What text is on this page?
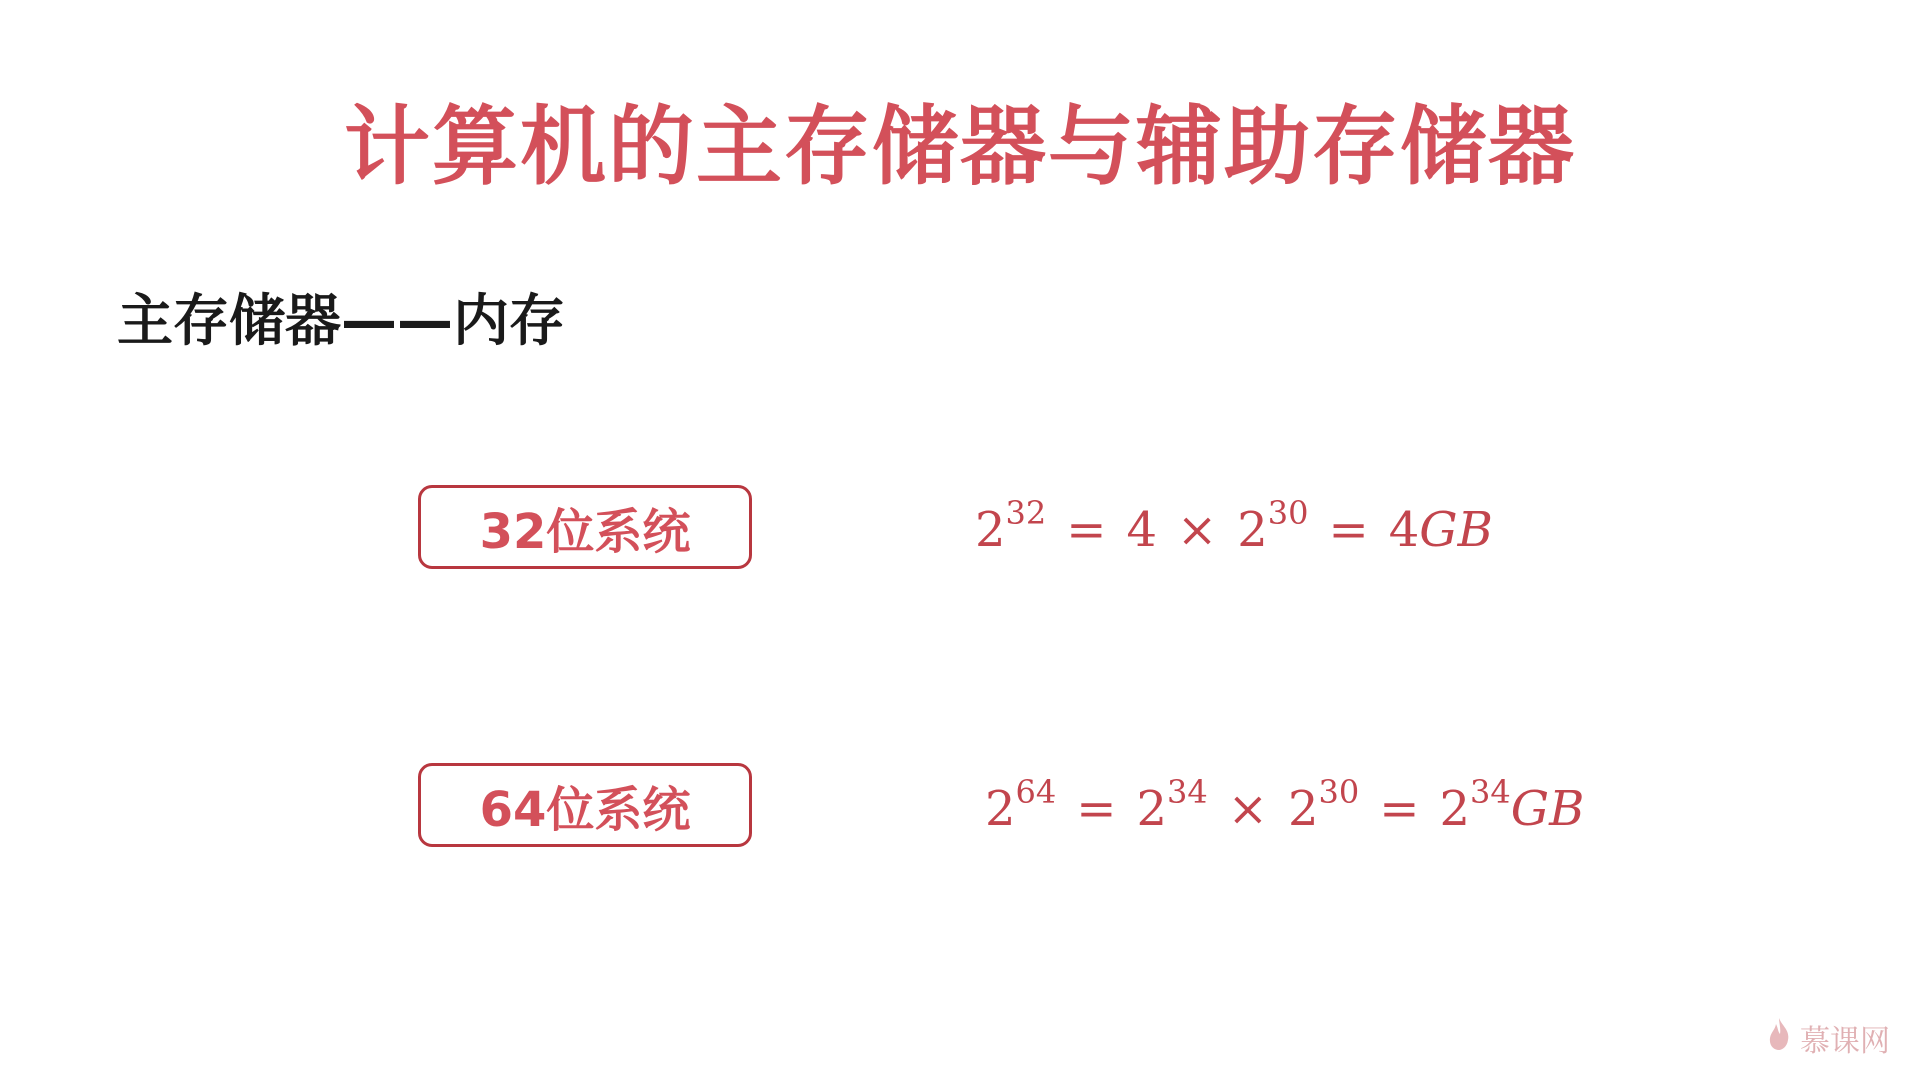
计算机的主存储器与辅助存储器
主存储器——内存
32位系统	$2^{32} = 4 \times 2^{30} = 4GB$
64位系统	$2^{64} = 2^{34} \times 2^{30} = 2^{34}GB$
慕课网
